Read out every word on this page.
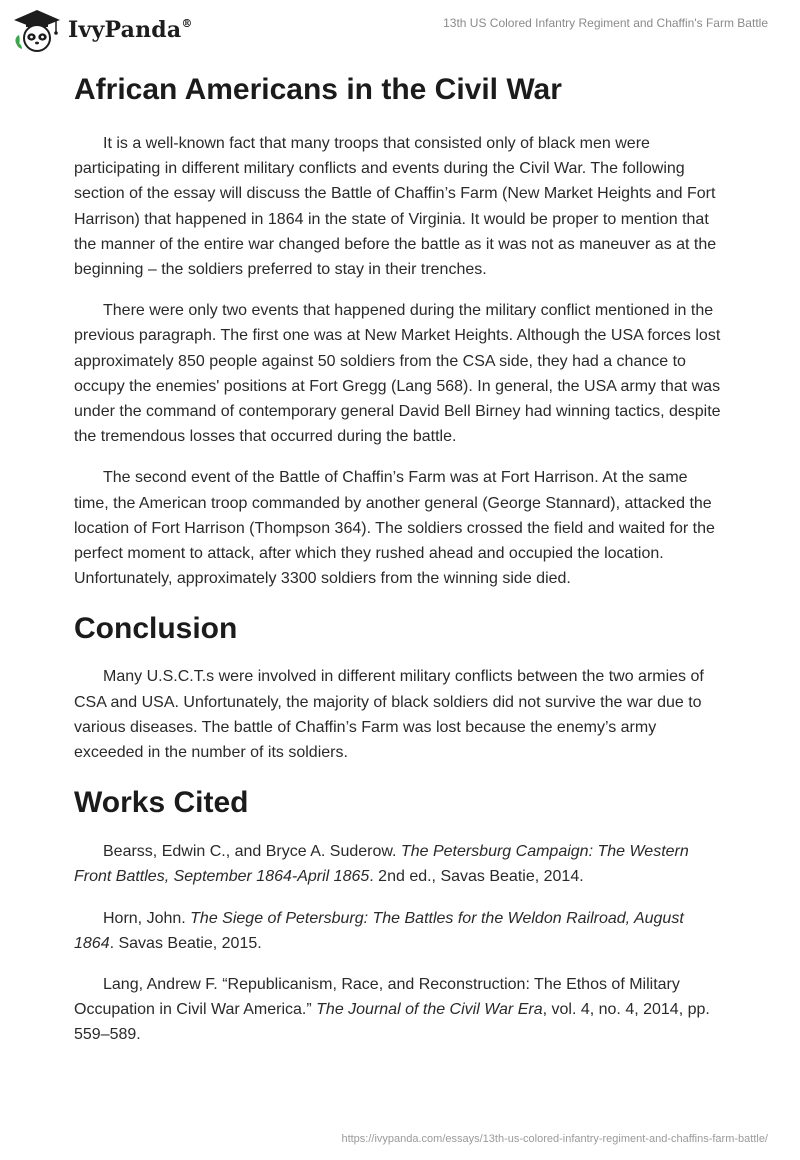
IvyPanda®	13th US Colored Infantry Regiment and Chaffin's Farm Battle
African Americans in the Civil War

It is a well-known fact that many troops that consisted only of black men were participating in different military conflicts and events during the Civil War. The following section of the essay will discuss the Battle of Chaffin’s Farm (New Market Heights and Fort Harrison) that happened in 1864 in the state of Virginia. It would be proper to mention that the manner of the entire war changed before the battle as it was not as maneuver as at the beginning – the soldiers preferred to stay in their trenches.

There were only two events that happened during the military conflict mentioned in the previous paragraph. The first one was at New Market Heights. Although the USA forces lost approximately 850 people against 50 soldiers from the CSA side, they had a chance to occupy the enemies' positions at Fort Gregg (Lang 568). In general, the USA army that was under the command of contemporary general David Bell Birney had winning tactics, despite the tremendous losses that occurred during the battle.

The second event of the Battle of Chaffin’s Farm was at Fort Harrison. At the same time, the American troop commanded by another general (George Stannard), attacked the location of Fort Harrison (Thompson 364). The soldiers crossed the field and waited for the perfect moment to attack, after which they rushed ahead and occupied the location. Unfortunately, approximately 3300 soldiers from the winning side died.

Conclusion

Many U.S.C.T.s were involved in different military conflicts between the two armies of CSA and USA. Unfortunately, the majority of black soldiers did not survive the war due to various diseases. The battle of Chaffin’s Farm was lost because the enemy’s army exceeded in the number of its soldiers.

Works Cited

Bearss, Edwin C., and Bryce A. Suderow. The Petersburg Campaign: The Western Front Battles, September 1864-April 1865. 2nd ed., Savas Beatie, 2014.

Horn, John. The Siege of Petersburg: The Battles for the Weldon Railroad, August 1864. Savas Beatie, 2015.

Lang, Andrew F. “Republicanism, Race, and Reconstruction: The Ethos of Military Occupation in Civil War America.” The Journal of the Civil War Era, vol. 4, no. 4, 2014, pp. 559–589.

https://ivypanda.com/essays/13th-us-colored-infantry-regiment-and-chaffins-farm-battle/
